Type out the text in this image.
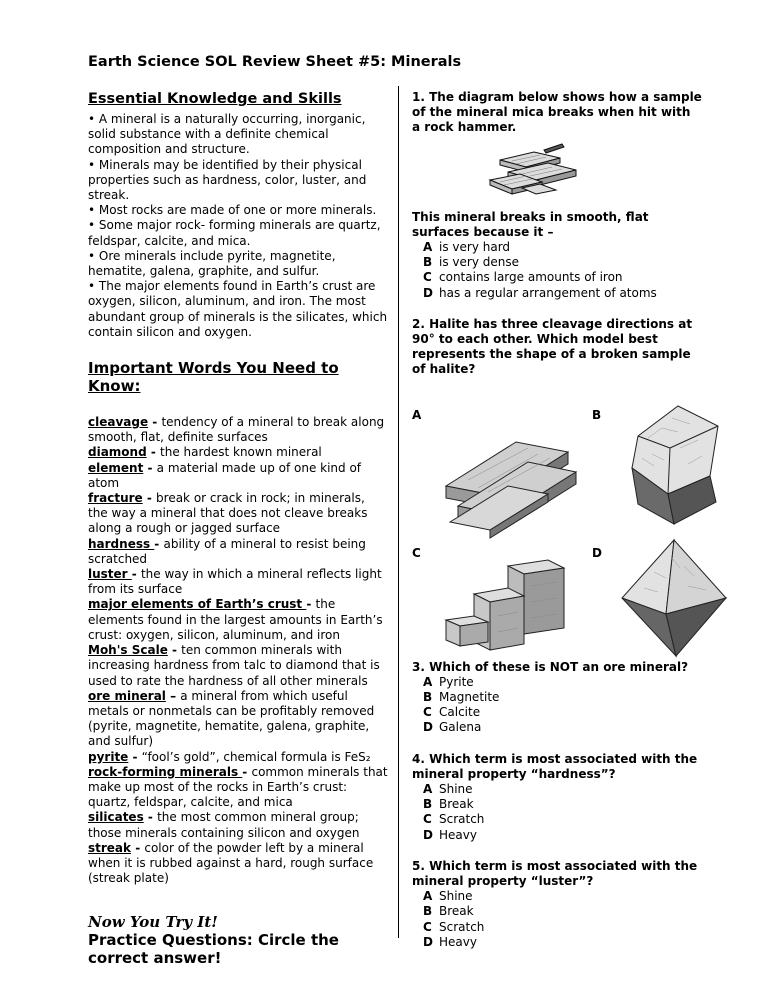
Earth Science SOL Review Sheet #5: Minerals
Essential Knowledge and Skills

• A mineral is a naturally occurring, inorganic, solid substance with a definite chemical composition and structure.

• Minerals may be identified by their physical properties such as hardness, color, luster, and streak.

• Most rocks are made of one or more minerals.

• Some major rock- forming minerals are quartz, feldspar, calcite, and mica.

• Ore minerals include pyrite, magnetite, hematite, galena, graphite, and sulfur.

• The major elements found in Earth’s crust are oxygen, silicon, aluminum, and iron. The most abundant group of minerals is the silicates, which contain silicon and oxygen.

Important Words You Need to Know:

cleavage - tendency of a mineral to break along smooth, flat, definite surfaces

diamond - the hardest known mineral

element - a material made up of one kind of atom

fracture - break or crack in rock; in minerals, the way a mineral that does not cleave breaks along a rough or jagged surface

hardness - ability of a mineral to resist being scratched

luster - the way in which a mineral reflects light from its surface

major elements of Earth’s crust - the elements found in the largest amounts in Earth’s crust: oxygen, silicon, aluminum, and iron

Moh's Scale - ten common minerals with increasing hardness from talc to diamond that is used to rate the hardness of all other minerals

ore mineral – a mineral from which useful metals or nonmetals can be profitably removed (pyrite, magnetite, hematite, galena, graphite, and sulfur)

pyrite - “fool’s gold”, chemical formula is FeS₂

rock-forming minerals - common minerals that make up most of the rocks in Earth’s crust: quartz, feldspar, calcite, and mica

silicates - the most common mineral group; those minerals containing silicon and oxygen

streak - color of the powder left by a mineral when it is rubbed against a hard, rough surface (streak plate)

Now You Try It!

Practice Questions: Circle the correct answer!

1. The diagram below shows how a sample of the mineral mica breaks when hit with a rock hammer.

This mineral breaks in smooth, flat surfaces because it –

A is very hard
B is very dense
C contains large amounts of iron
D has a regular arrangement of atoms

2. Halite has three cleavage directions at 90° to each other. Which model best represents the shape of a broken sample of halite?

A	B
C	D

3. Which of these is NOT an ore mineral?

A Pyrite
B Magnetite
C Calcite
D Galena

4. Which term is most associated with the mineral property “hardness”?

A Shine
B Break
C Scratch
D Heavy

5. Which term is most associated with the mineral property “luster”?

A Shine
B Break
C Scratch
D Heavy
